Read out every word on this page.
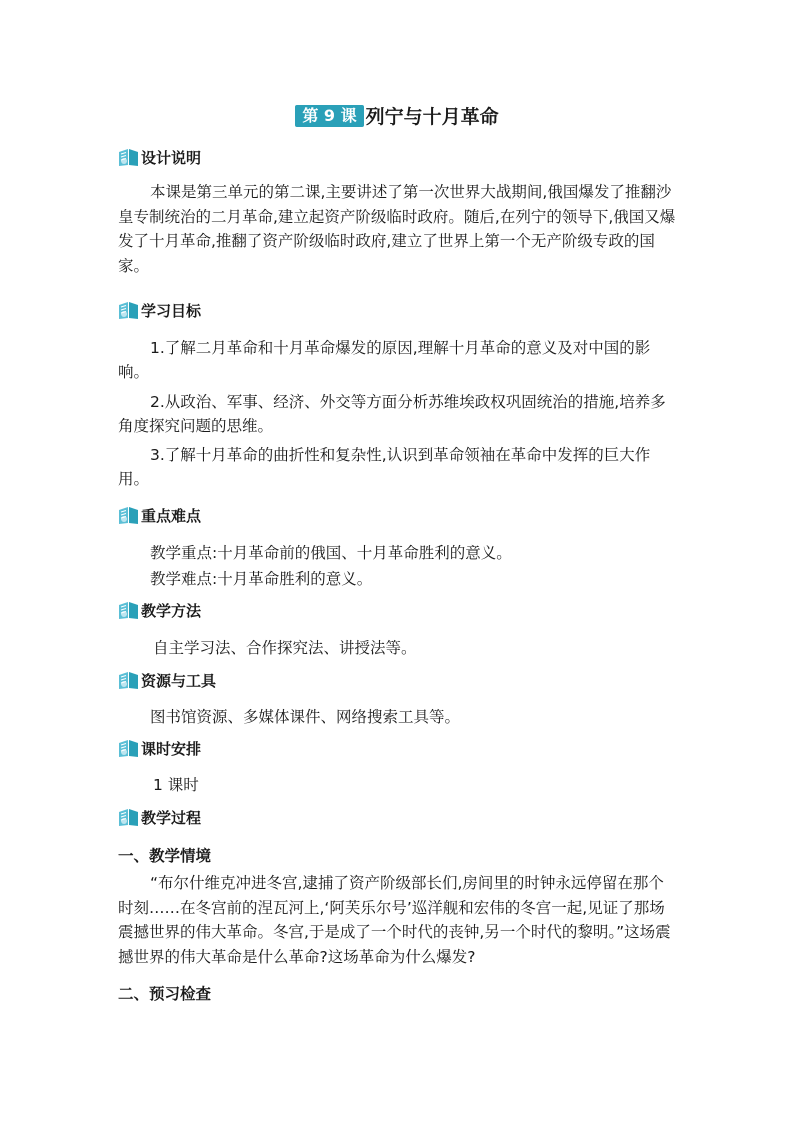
第 9 课 列宁与十月革命
设计说明
本课是第三单元的第二课,主要讲述了第一次世界大战期间,俄国爆发了推翻沙皇专制统治的二月革命,建立起资产阶级临时政府。随后,在列宁的领导下,俄国又爆发了十月革命,推翻了资产阶级临时政府,建立了世界上第一个无产阶级专政的国家。
学习目标
1.了解二月革命和十月革命爆发的原因,理解十月革命的意义及对中国的影响。
2.从政治、军事、经济、外交等方面分析苏维埃政权巩固统治的措施,培养多角度探究问题的思维。
3.了解十月革命的曲折性和复杂性,认识到革命领袖在革命中发挥的巨大作用。
重点难点
教学重点:十月革命前的俄国、十月革命胜利的意义。
教学难点:十月革命胜利的意义。
教学方法
自主学习法、合作探究法、讲授法等。
资源与工具
图书馆资源、多媒体课件、网络搜索工具等。
课时安排
1 课时
教学过程
一、教学情境
“布尔什维克冲进冬宫,逮捕了资产阶级部长们,房间里的时钟永远停留在那个时刻……在冬宫前的涅瓦河上,‘阿芙乐尔号’巡洋舰和宏伟的冬宫一起,见证了那场震撼世界的伟大革命。冬宫,于是成了一个时代的丧钟,另一个时代的黎明。”这场震撼世界的伟大革命是什么革命?这场革命为什么爆发?
二、预习检查
